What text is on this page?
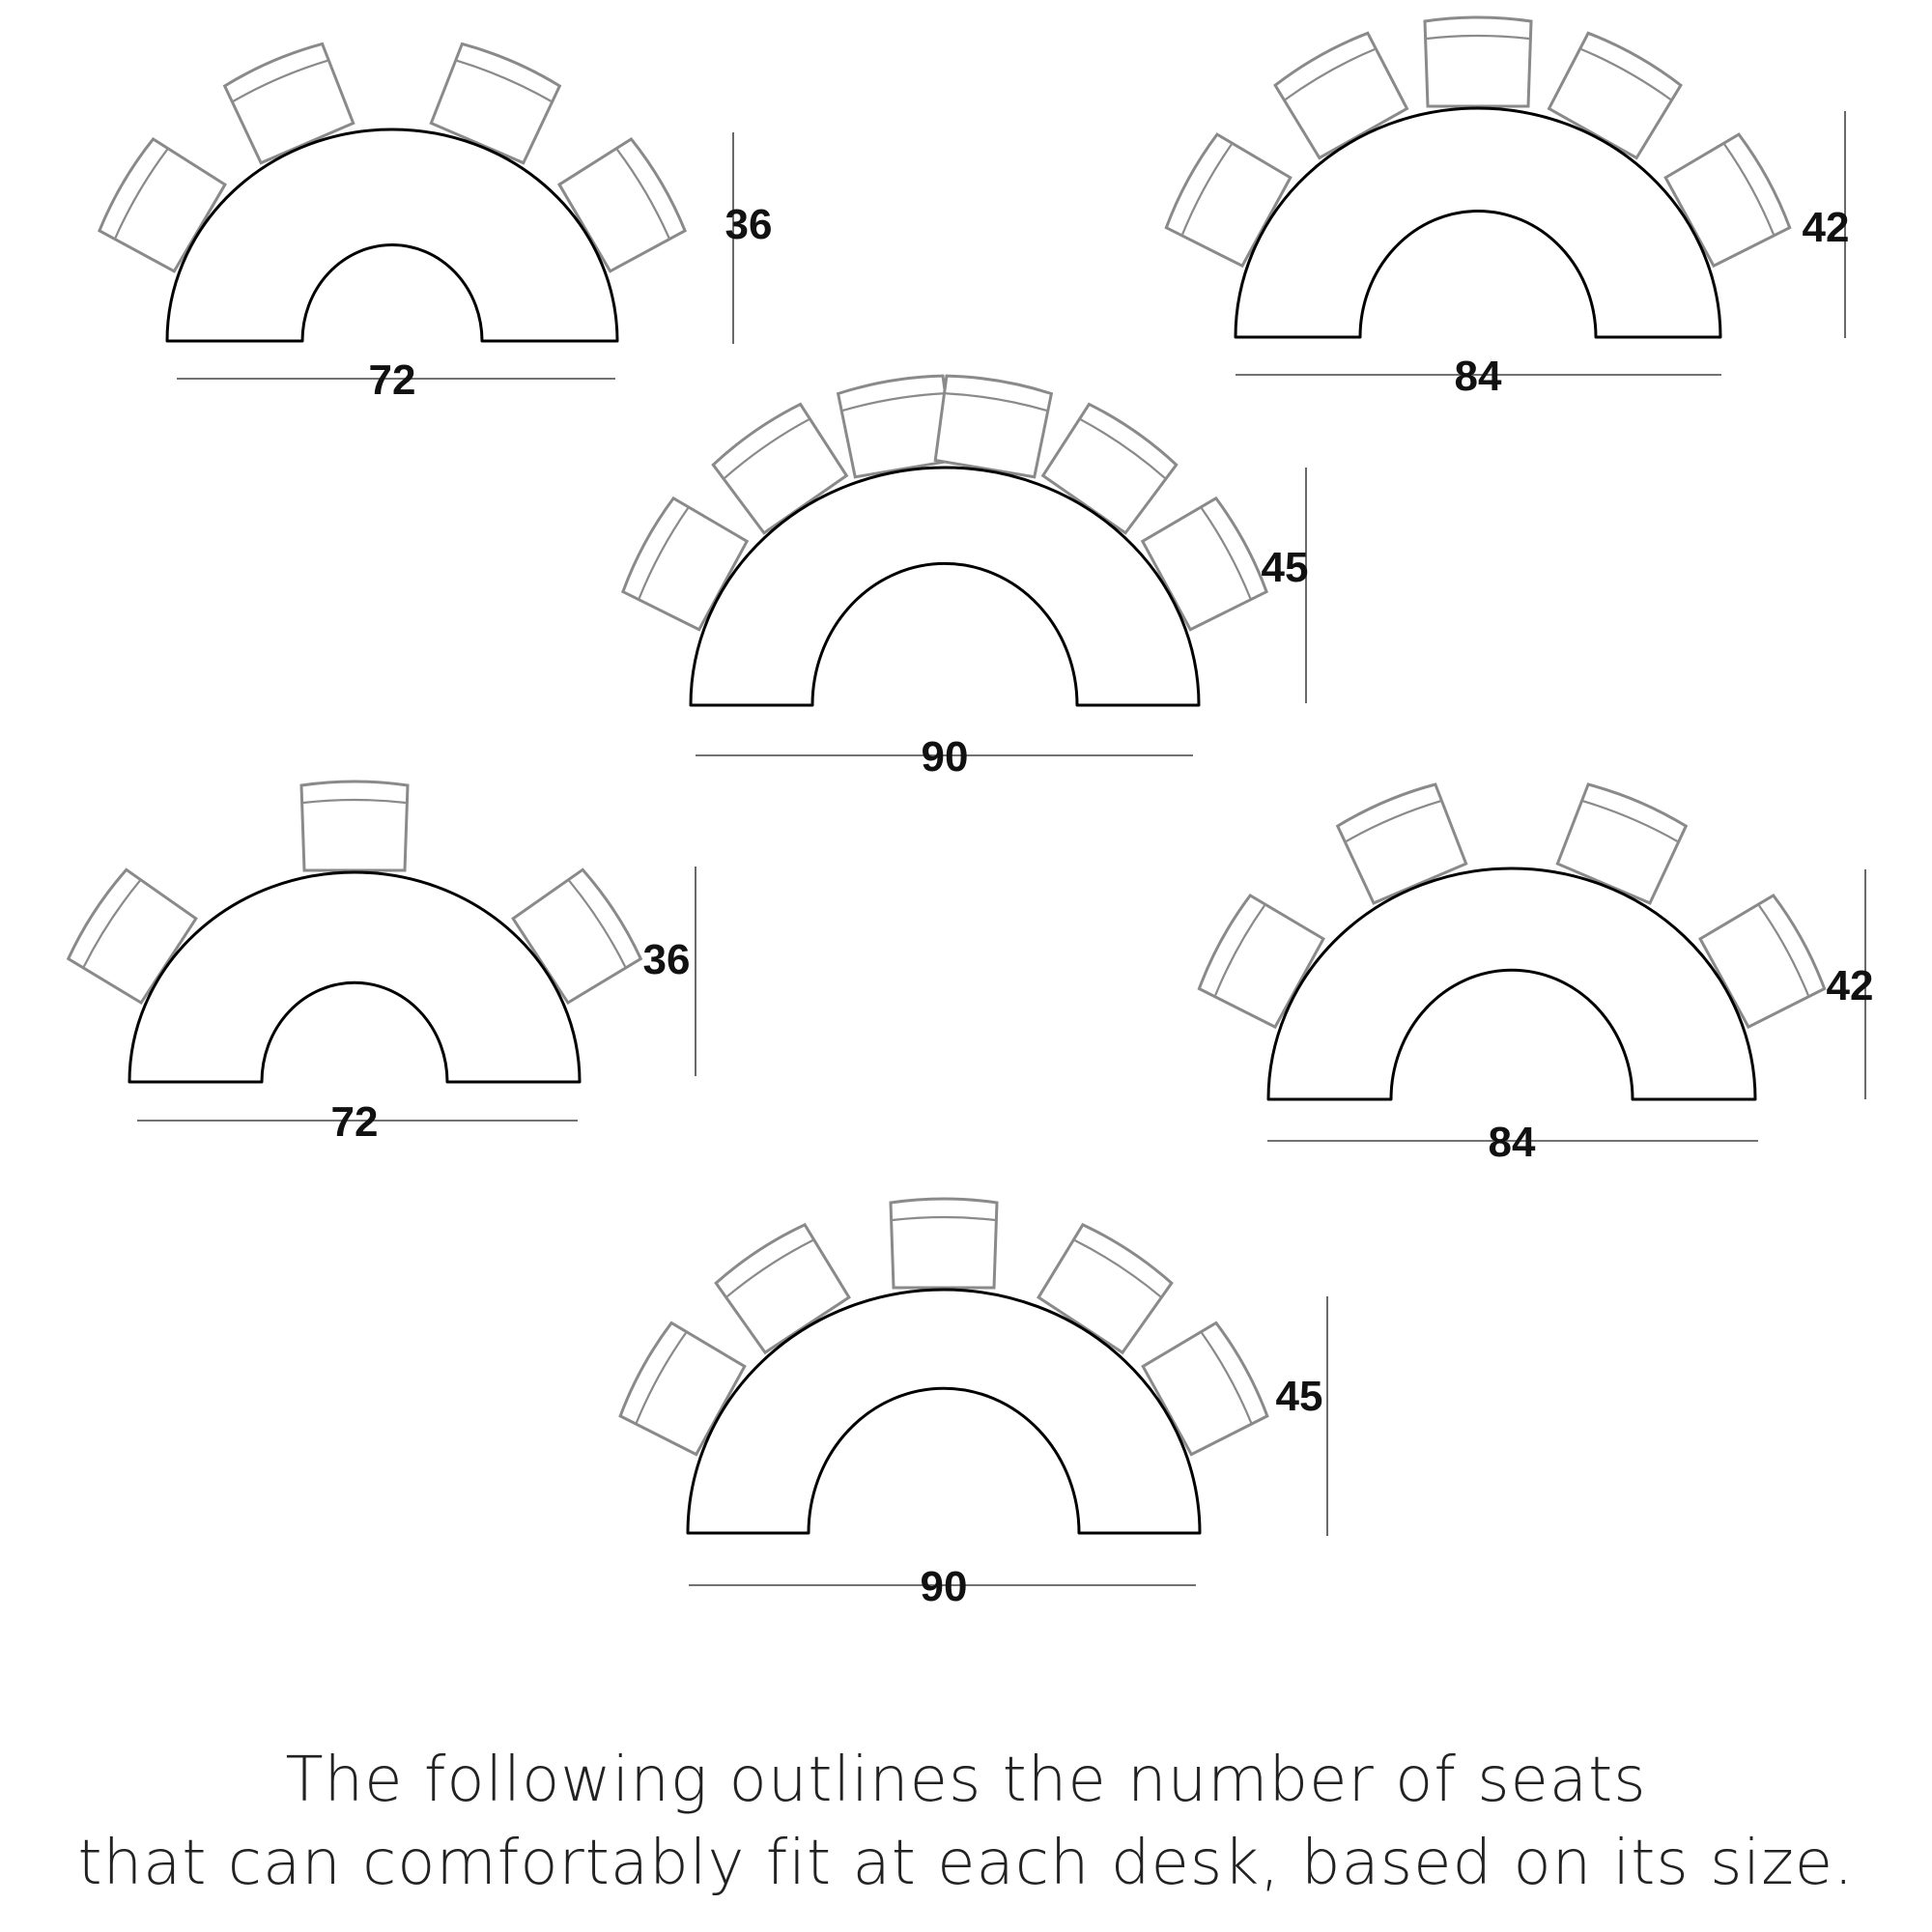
72
36
84
42
90
45
72
36
84
42
90
45
The following outlines the number of seats
that can comfortably fit at each desk, based on its size.
